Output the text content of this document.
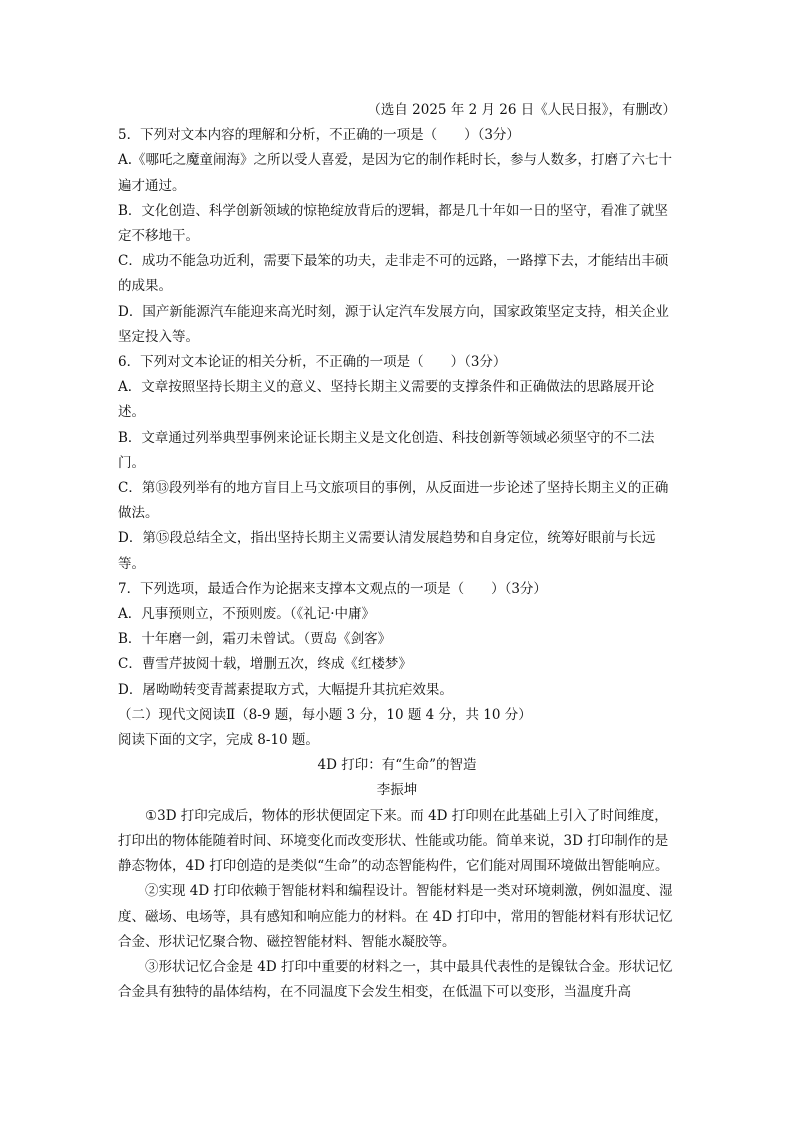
（选自 2025 年 2 月 26 日《人民日报》，有删改）
5．下列对文本内容的理解和分析，不正确的一项是（　　）（3分）
A.《哪吒之魔童闹海》之所以受人喜爱，是因为它的制作耗时长，参与人数多，打磨了六七十遍才通过。
B．文化创造、科学创新领域的惊艳绽放背后的逻辑，都是几十年如一日的坚守，看准了就坚定不移地干。
C．成功不能急功近利，需要下最笨的功夫，走非走不可的远路，一路撑下去，才能结出丰硕的成果。
D．国产新能源汽车能迎来高光时刻，源于认定汽车发展方向，国家政策坚定支持，相关企业坚定投入等。
6．下列对文本论证的相关分析，不正确的一项是（　　）（3分）
A．文章按照坚持长期主义的意义、坚持长期主义需要的支撑条件和正确做法的思路展开论述。
B．文章通过列举典型事例来论证长期主义是文化创造、科技创新等领域必须坚守的不二法门。
C．第⑬段列举有的地方盲目上马文旅项目的事例，从反面进一步论述了坚持长期主义的正确做法。
D．第⑮段总结全文，指出坚持长期主义需要认清发展趋势和自身定位，统筹好眼前与长远等。
7．下列选项，最适合作为论据来支撑本文观点的一项是（　　）（3分）
A．凡事预则立，不预则废。（《礼记·中庸》
B．十年磨一剑，霜刃未曾试。（贾岛《剑客》
C．曹雪芹披阅十载，增删五次，终成《红楼梦》
D．屠呦呦转变青蒿素提取方式，大幅提升其抗疟效果。
（二）现代文阅读Ⅱ（8-9 题，每小题 3 分，10 题 4 分，共 10 分）
阅读下面的文字，完成 8-10 题。
4D 打印：有“生命”的智造
李振坤
①3D 打印完成后，物体的形状便固定下来。而 4D 打印则在此基础上引入了时间维度，打印出的物体能随着时间、环境变化而改变形状、性能或功能。简单来说，3D 打印制作的是静态物体，4D 打印创造的是类似“生命”的动态智能构件，它们能对周围环境做出智能响应。
②实现 4D 打印依赖于智能材料和编程设计。智能材料是一类对环境刺激，例如温度、湿度、磁场、电场等，具有感知和响应能力的材料。在 4D 打印中，常用的智能材料有形状记忆合金、形状记忆聚合物、磁控智能材料、智能水凝胶等。
③形状记忆合金是 4D 打印中重要的材料之一，其中最具代表性的是镍钛合金。形状记忆合金具有独特的晶体结构，在不同温度下会发生相变，在低温下可以变形，当温度升高
